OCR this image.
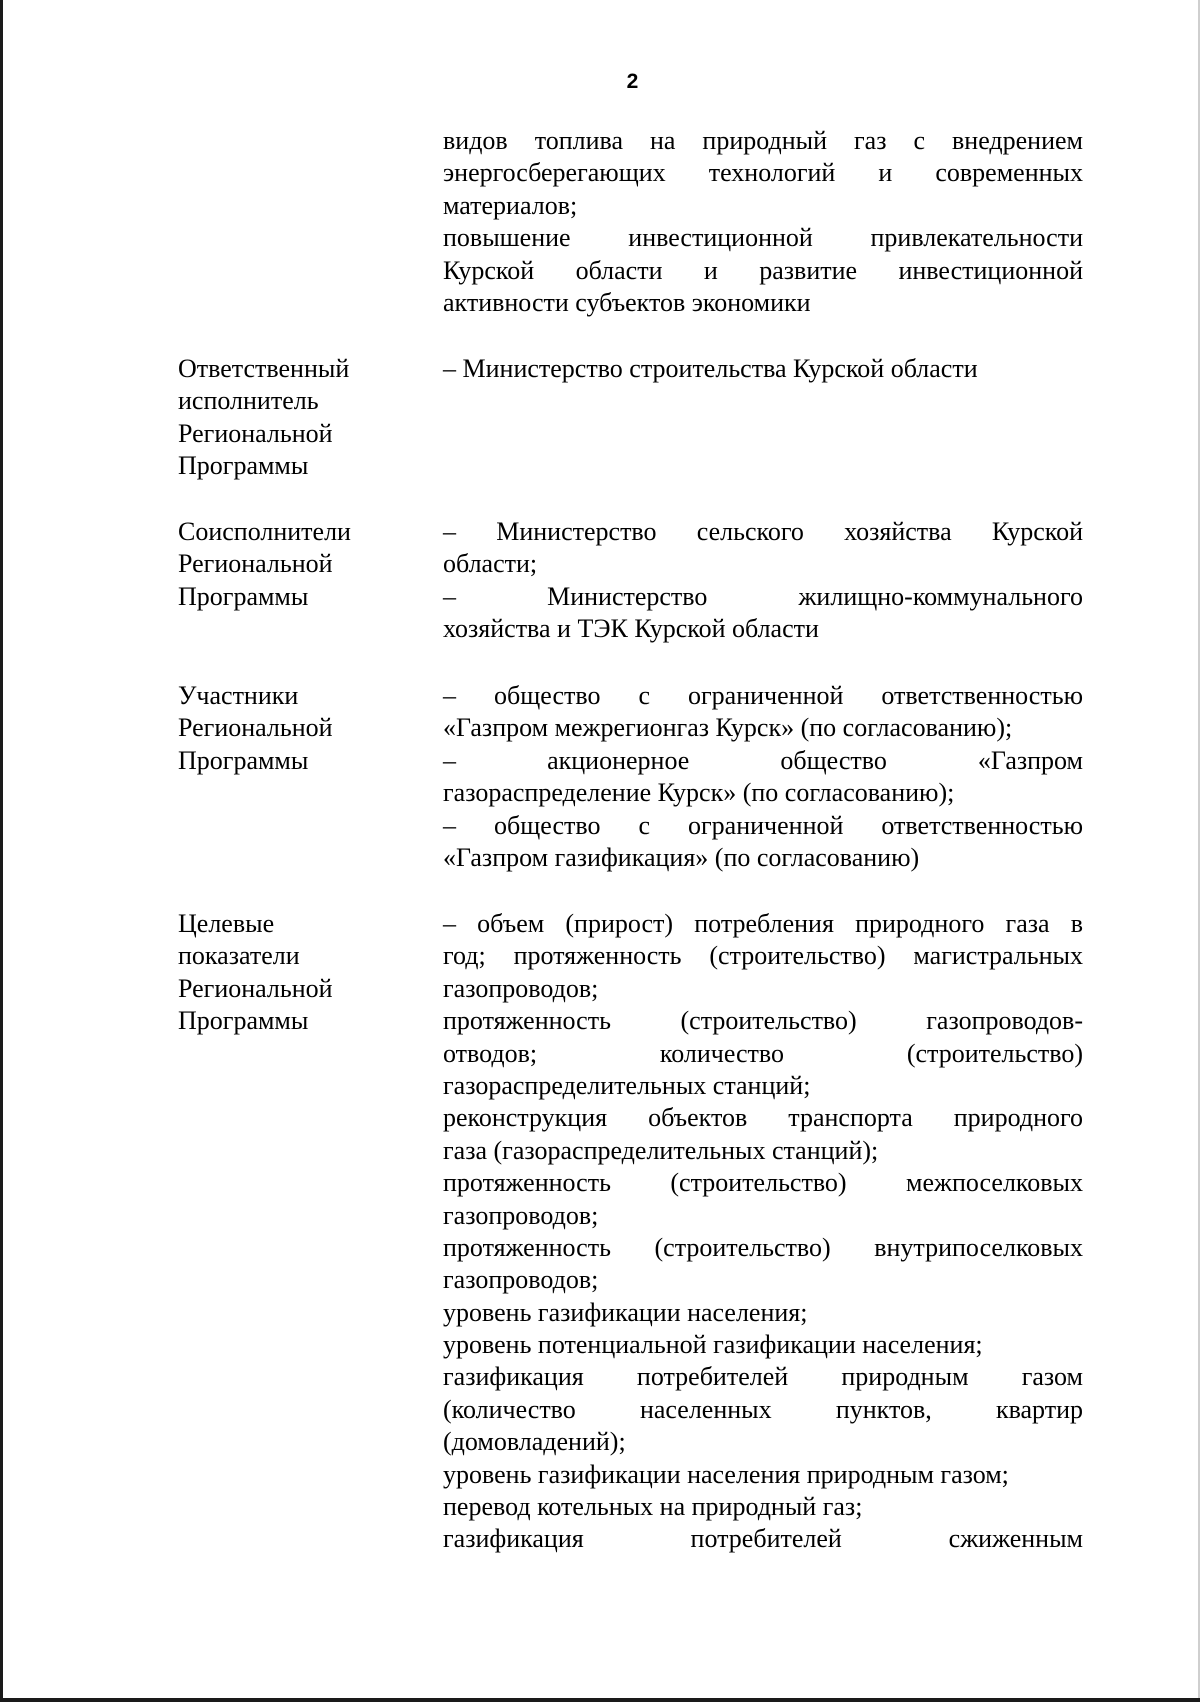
2
видов топлива на природный газ с внедрением
энергосберегающих технологий и современных
материалов;
повышение инвестиционной привлекательности
Курской области и развитие инвестиционной
активности субъектов экономики
Ответственный
исполнитель
Региональной
Программы
– Министерство строительства Курской области
Соисполнители
Региональной
Программы
– Министерство сельского хозяйства Курской
области;
– Министерство жилищно-коммунального
хозяйства и ТЭК Курской области
Участники
Региональной
Программы
– общество с ограниченной ответственностью
«Газпром межрегионгаз Курск» (по согласованию);
– акционерное общество «Газпром
газораспределение Курск» (по согласованию);
– общество с ограниченной ответственностью
«Газпром газификация» (по согласованию)
Целевые
показатели
Региональной
Программы
– объем (прирост) потребления природного газа в
год; протяженность (строительство) магистральных
газопроводов;
протяженность (строительство) газопроводов-
отводов; количество (строительство)
газораспределительных станций;
реконструкция объектов транспорта природного
газа (газораспределительных станций);
протяженность (строительство) межпоселковых
газопроводов;
протяженность (строительство) внутрипоселковых
газопроводов;
уровень газификации населения;
уровень потенциальной газификации населения;
газификация потребителей природным газом
(количество населенных пунктов, квартир
(домовладений);
уровень газификации населения природным газом;
перевод котельных на природный газ;
газификация потребителей сжиженным
